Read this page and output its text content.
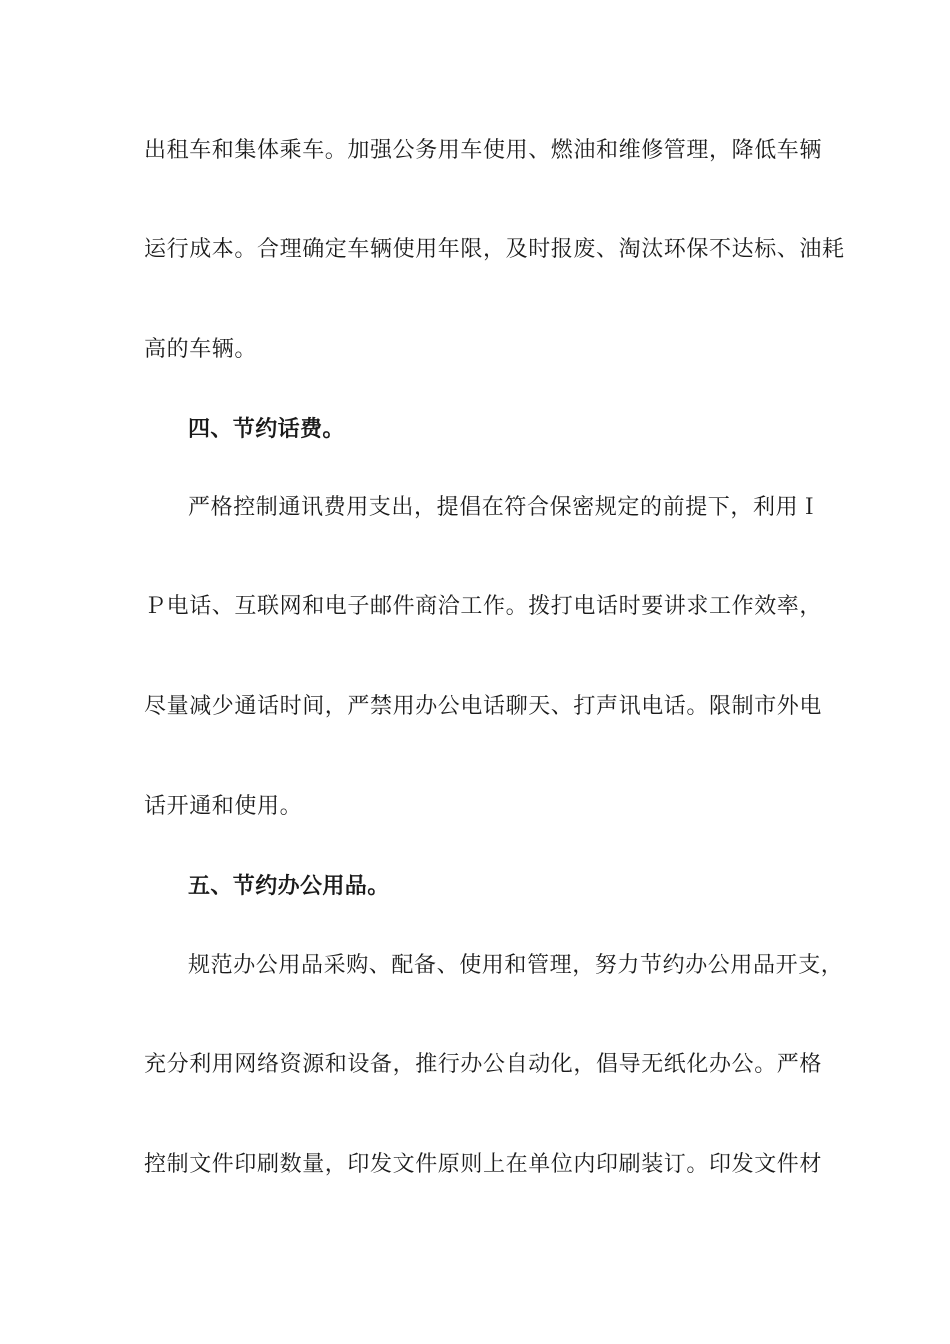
出租车和集体乘车。加强公务用车使用、燃油和维修管理，降低车辆
运行成本。合理确定车辆使用年限，及时报废、淘汰环保不达标、油耗
高的车辆。
四、节约话费。
严格控制通讯费用支出，提倡在符合保密规定的前提下，利用Ｉ
Ｐ电话、互联网和电子邮件商洽工作。拨打电话时要讲求工作效率，
尽量减少通话时间，严禁用办公电话聊天、打声讯电话。限制市外电
话开通和使用。
五、节约办公用品。
规范办公用品采购、配备、使用和管理，努力节约办公用品开支，
充分利用网络资源和设备，推行办公自动化，倡导无纸化办公。严格
控制文件印刷数量，印发文件原则上在单位内印刷装订。印发文件材
